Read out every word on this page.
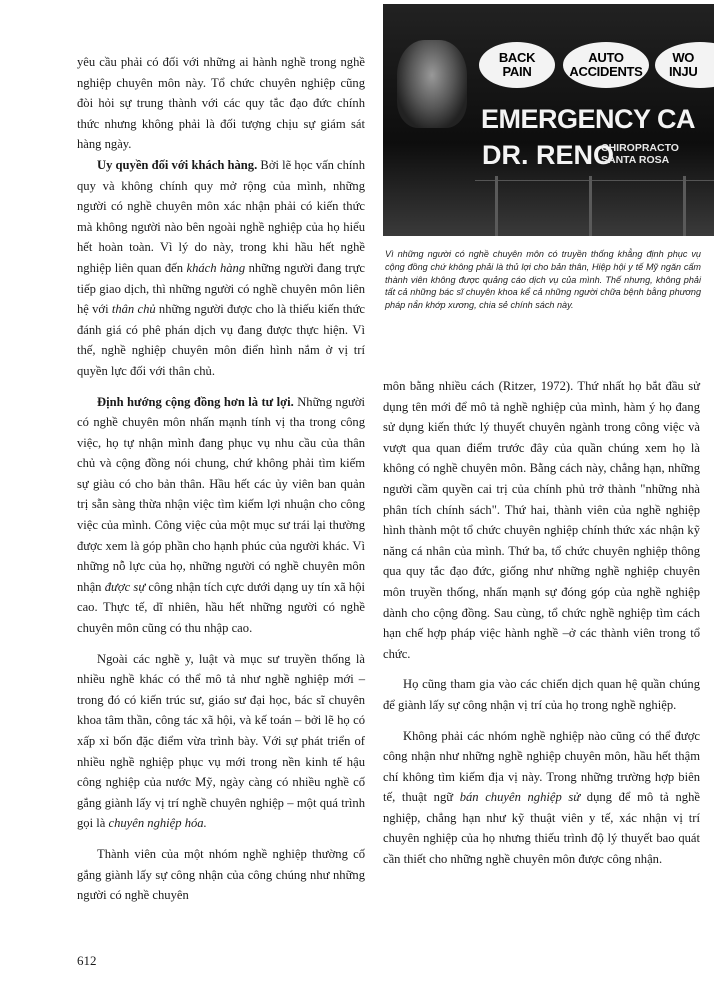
BACK
PAIN
AUTO
ACCIDENTS
WO
INJU
EMERGENCY CA
DR. RENO
CHIROPRACTO
SANTA ROSA
Vì những người có nghề chuyên môn có truyền thống khẳng định phục vụ cộng đồng chứ không phải là thủ lợi cho bản thân, Hiệp hội y tế Mỹ ngăn cấm thành viên không được quảng cáo dịch vụ của mình. Thế nhưng, không phải tất cả những bác sĩ chuyên khoa kể cả những người chữa bệnh bằng phương pháp nắn khớp xương, chia sẻ chính sách này.

yêu cầu phải có đối với những ai hành nghề trong nghề nghiệp chuyên môn này. Tổ chức chuyên nghiệp cũng đòi hỏi sự trung thành với các quy tắc đạo đức chính thức nhưng không phải là đối tượng chịu sự giám sát hàng ngày.

Uy quyền đối với khách hàng. Bởi lẽ học vấn chính quy và không chính quy mở rộng của mình, những người có nghề chuyên môn xác nhận phải có kiến thức mà không người nào bên ngoài nghề nghiệp của họ hiểu hết hoàn toàn. Vì lý do này, trong khi hầu hết nghề nghiệp liên quan đến khách hàng những người đang trực tiếp giao dịch, thì những người có nghề chuyên môn liên hệ với thân chủ những người được cho là thiếu kiến thức đánh giá có phê phán dịch vụ đang được thực hiện. Vì thế, nghề nghiệp chuyên môn điển hình nắm ở vị trí quyền lực đối với thân chủ.

Định hướng cộng đồng hơn là tư lợi. Những người có nghề chuyên môn nhấn mạnh tính vị tha trong công việc, họ tự nhận mình đang phục vụ nhu cầu của thân chủ và cộng đồng nói chung, chứ không phải tìm kiếm sự giàu có cho bản thân. Hầu hết các ủy viên ban quản trị sẵn sàng thừa nhận việc tìm kiếm lợi nhuận cho công việc của mình. Công việc của một mục sư trái lại thường được xem là góp phần cho hạnh phúc của người khác. Vì những nỗ lực của họ, những người có nghề chuyên môn nhận được sự công nhận tích cực dưới dạng uy tín xã hội cao. Thực tế, dĩ nhiên, hầu hết những người có nghề chuyên môn cũng có thu nhập cao.

Ngoài các nghề y, luật và mục sư truyền thống là nhiều nghề khác có thể mô tả như nghề nghiệp mới – trong đó có kiến trúc sư, giáo sư đại học, bác sĩ chuyên khoa tâm thần, công tác xã hội, và kế toán – bởi lẽ họ có xấp xỉ bốn đặc điểm vừa trình bày. Với sự phát triển of nhiều nghề nghiệp phục vụ mới trong nền kinh tế hậu công nghiệp của nước Mỹ, ngày càng có nhiều nghề cố gắng giành lấy vị trí nghề chuyên nghiệp – một quá trình gọi là chuyên nghiệp hóa.

Thành viên của một nhóm nghề nghiệp thường cố gắng giành lấy sự công nhận của công chúng như những người có nghề chuyên

môn bằng nhiều cách (Ritzer, 1972). Thứ nhất họ bắt đầu sử dụng tên mới để mô tả nghề nghiệp của mình, hàm ý họ đang sử dụng kiến thức lý thuyết chuyên ngành trong công việc và vượt qua quan điểm trước đây của quần chúng xem họ là không có nghề chuyên môn. Bằng cách này, chẳng hạn, những người cầm quyền cai trị của chính phủ trở thành "những nhà phân tích chính sách". Thứ hai, thành viên của nghề nghiệp hình thành một tổ chức chuyên nghiệp chính thức xác nhận kỹ năng cá nhân của mình. Thứ ba, tổ chức chuyên nghiệp thông qua quy tắc đạo đức, giống như những nghề nghiệp chuyên môn truyền thống, nhấn mạnh sự đóng góp của nghề nghiệp dành cho cộng đồng. Sau cùng, tổ chức nghề nghiệp tìm cách hạn chế hợp pháp việc hành nghề –ở các thành viên trong tổ chức.

Họ cũng tham gia vào các chiến dịch quan hệ quần chúng để giành lấy sự công nhận vị trí của họ trong nghề nghiệp.

Không phải các nhóm nghề nghiệp nào cũng có thể được công nhận như những nghề nghiệp chuyên môn, hầu hết thậm chí không tìm kiếm địa vị này. Trong những trường hợp biên tế, thuật ngữ bán chuyên nghiệp sử dụng để mô tả nghề nghiệp, chẳng hạn như kỹ thuật viên y tế, xác nhận vị trí chuyên nghiệp của họ nhưng thiếu trình độ lý thuyết bao quát cần thiết cho những nghề chuyên môn được công nhận.

612
